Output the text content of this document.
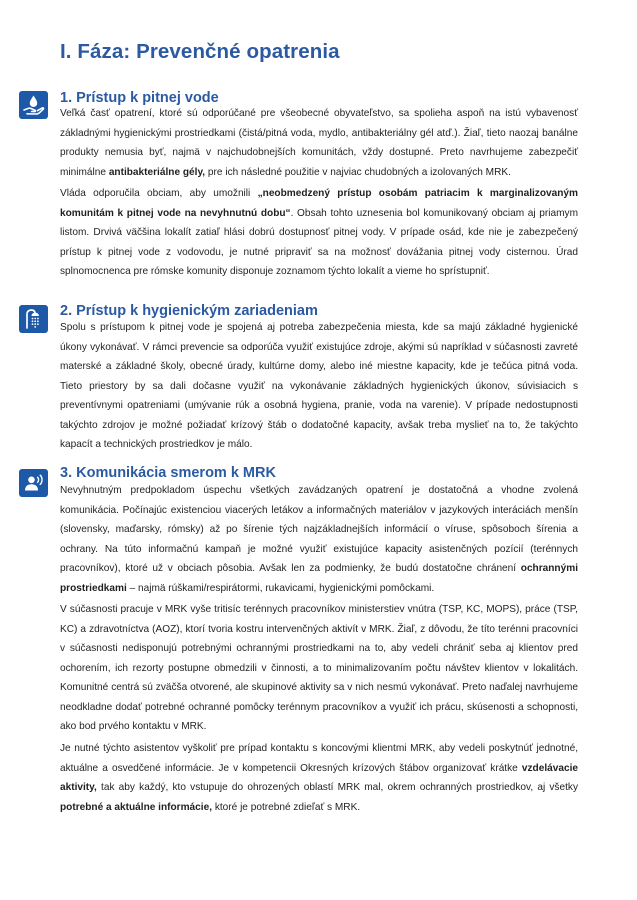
I. Fáza: Prevenčné opatrenia
1. Prístup k pitnej vode

Veľká časť opatrení, ktoré sú odporúčané pre všeobecné obyvateľstvo, sa spolieha aspoň na istú vybavenosť základnými hygienickými prostriedkami (čistá/pitná voda, mydlo, antibakteriálny gél atď.). Žiaľ, tieto naozaj banálne produkty nemusia byť, najmä v najchudobnejších komunitách, vždy dostupné. Preto navrhujeme zabezpečiť minimálne antibakteriálne gély, pre ich následné použitie v najviac chudobných a izolovaných MRK.

Vláda odporučila obciam, aby umožnili „neobmedzený prístup osobám patriacim k marginalizovaným komunitám k pitnej vode na nevyhnutnú dobu“. Obsah tohto uznesenia bol komunikovaný obciam aj priamym listom. Drvivá väčšina lokalít zatiaľ hlási dobrú dostupnosť pitnej vody. V prípade osád, kde nie je zabezpečený prístup k pitnej vode z vodovodu, je nutné pripraviť sa na možnosť dovážania pitnej vody cisternou. Úrad splnomocnenca pre rómske komunity disponuje zoznamom týchto lokalít a vieme ho sprístupniť.

2. Prístup k hygienickým zariadeniam

Spolu s prístupom k pitnej vode je spojená aj potreba zabezpečenia miesta, kde sa majú základné hygienické úkony vykonávať. V rámci prevencie sa odporúča využiť existujúce zdroje, akými sú napríklad v súčasnosti zavreté materské a základné školy, obecné úrady, kultúrne domy, alebo iné miestne kapacity, kde je tečúca pitná voda. Tieto priestory by sa dali dočasne využiť na vykonávanie základných hygienických úkonov, súvisiacich s preventívnymi opatreniami (umývanie rúk a osobná hygiena, pranie, voda na varenie). V prípade nedostupnosti takýchto zdrojov je možné požiadať krízový štáb o dodatočné kapacity, avšak treba myslieť na to, že takýchto kapacít a technických prostriedkov je málo.

3. Komunikácia smerom k MRK

Nevyhnutným predpokladom úspechu všetkých zavádzaných opatrení je dostatočná a vhodne zvolená komunikácia. Počínajúc existenciou viacerých letákov a informačných materiálov v jazykových interáciách menšín (slovensky, maďarsky, rómsky) až po šírenie tých najzákladnejších informácií o víruse, spôsoboch šírenia a ochrany. Na túto informačnú kampaň je možné využiť existujúce kapacity asistenčných pozícií (terénnych pracovníkov), ktoré už v obciach pôsobia. Avšak len za podmienky, že budú dostatočne chránení ochrannými prostriedkami – najmä rúškami/respirátormi, rukavicami, hygienickými pomôckami.

V súčasnosti pracuje v MRK vyše tritisíc terénnych pracovníkov ministerstiev vnútra (TSP, KC, MOPS), práce (TSP, KC) a zdravotníctva (AOZ), ktorí tvoria kostru intervenčných aktivít v MRK. Žiaľ, z dôvodu, že títo terénni pracovníci v súčasnosti nedisponujú potrebnými ochrannými prostriedkami na to, aby vedeli chrániť seba aj klientov pred ochorením, ich rezorty postupne obmedzili v činnosti, a to minimalizovaním počtu návštev klientov v lokalitách. Komunitné centrá sú zväčša otvorené, ale skupinové aktivity sa v nich nesmú vykonávať. Preto naďalej navrhujeme neodkladne dodať potrebné ochranné pomôcky terénnym pracovníkov a využiť ich prácu, skúsenosti a schopnosti, ako bod prvého kontaktu v MRK.

Je nutné týchto asistentov vyškoliť pre prípad kontaktu s koncovými klientmi MRK, aby vedeli poskytnúť jednotné, aktuálne a osvedčené informácie. Je v kompetencii Okresných krízových štábov organizovať krátke vzdelávacie aktivity, tak aby každý, kto vstupuje do ohrozených oblastí MRK mal, okrem ochranných prostriedkov, aj všetky potrebné a aktuálne informácie, ktoré je potrebné zdieľať s MRK.
